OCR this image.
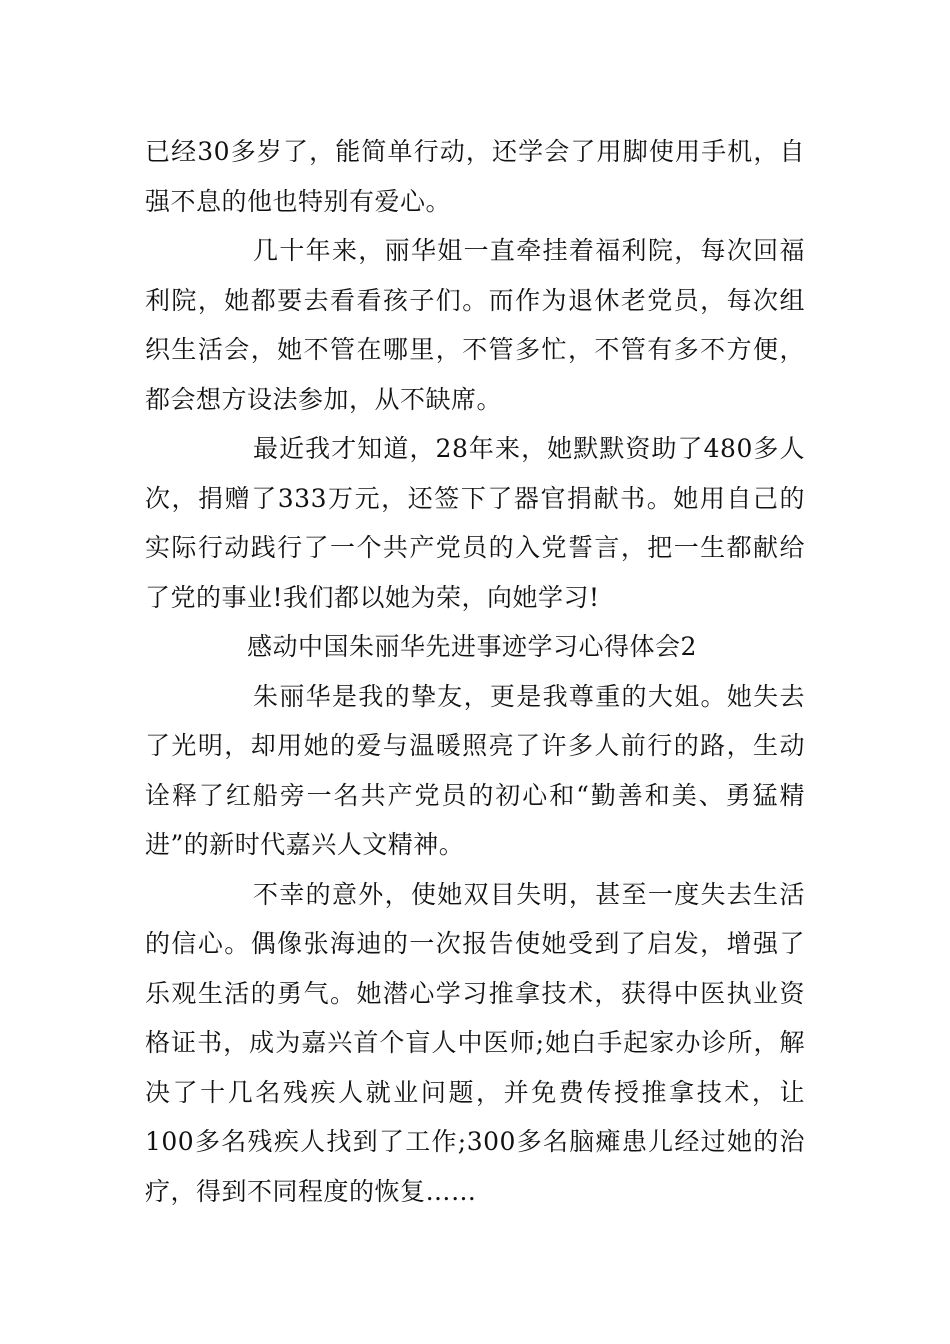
已经30多岁了，能简单行动，还学会了用脚使用手机，自强不息的他也特别有爱心。

几十年来，丽华姐一直牵挂着福利院，每次回福利院，她都要去看看孩子们。而作为退休老党员，每次组织生活会，她不管在哪里，不管多忙，不管有多不方便，都会想方设法参加，从不缺席。

最近我才知道，28年来，她默默资助了480多人次，捐赠了333万元，还签下了器官捐献书。她用自己的实际行动践行了一个共产党员的入党誓言，把一生都献给了党的事业!我们都以她为荣，向她学习!

感动中国朱丽华先进事迹学习心得体会2

朱丽华是我的挚友，更是我尊重的大姐。她失去了光明，却用她的爱与温暖照亮了许多人前行的路，生动诠释了红船旁一名共产党员的初心和“勤善和美、勇猛精进”的新时代嘉兴人文精神。

不幸的意外，使她双目失明，甚至一度失去生活的信心。偶像张海迪的一次报告使她受到了启发，增强了乐观生活的勇气。她潜心学习推拿技术，获得中医执业资格证书，成为嘉兴首个盲人中医师;她白手起家办诊所，解决了十几名残疾人就业问题，并免费传授推拿技术，让100多名残疾人找到了工作;300多名脑瘫患儿经过她的治疗，得到不同程度的恢复……
